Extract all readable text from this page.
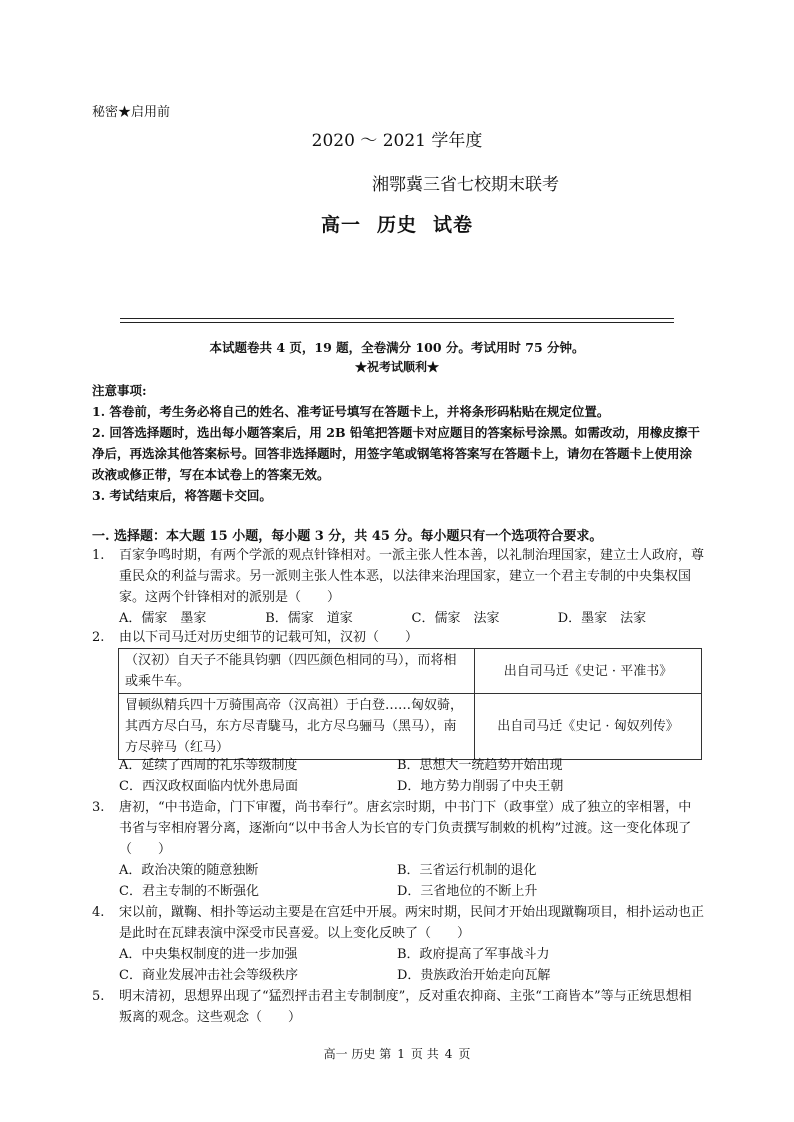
秘密★启用前
2020 ～ 2021 学年度
湘鄂冀三省七校期末联考
高一 历史 试卷
本试题卷共 4 页，19 题，全卷满分 100 分。考试用时 75 分钟。
★祝考试顺利★
注意事项:
1. 答卷前，考生务必将自己的姓名、准考证号填写在答题卡上，并将条形码粘贴在规定位置。
2. 回答选择题时，选出每小题答案后，用 2B 铅笔把答题卡对应题目的答案标号涂黑。如需改动，用橡皮擦干净后，再选涂其他答案标号。回答非选择题时，用签字笔或钢笔将答案写在答题卡上，请勿在答题卡上使用涂改液或修正带，写在本试卷上的答案无效。
3. 考试结束后，将答题卡交回。
一. 选择题：本大题 15 小题，每小题 3 分，共 45 分。每小题只有一个选项符合要求。
1. 百家争鸣时期，有两个学派的观点针锋相对。一派主张人性本善，以礼制治理国家，建立士人政府，尊重民众的利益与需求。另一派则主张人性本恶，以法律来治理国家，建立一个君主专制的中央集权国家。这两个针锋相对的派别是（　　）
A．儒家　墨家	B．儒家　道家	C．儒家　法家	D．墨家　法家
2. 由以下司马迁对历史细节的记载可知，汉初（　　）
（汉初）自天子不能具钧驷（四匹颜色相同的马），而将相或乘牛车。	出自司马迁《史记 · 平准书》
冒顿纵精兵四十万骑围高帝（汉高祖）于白登……匈奴骑，其西方尽白马，东方尽青駹马，北方尽乌骊马（黑马），南方尽骍马（红马）	出自司马迁《史记 · 匈奴列传》
A．延续了西周的礼乐等级制度	B．思想大一统趋势开始出现
C．西汉政权面临内忧外患局面	D．地方势力削弱了中央王朝
3. 唐初，“中书造命，门下审覆，尚书奉行”。唐玄宗时期，中书门下（政事堂）成了独立的宰相署，中书省与宰相府署分离，逐渐向“以中书舍人为长官的专门负责撰写制敕的机构”过渡。这一变化体现了（　　）
A．政治决策的随意独断	B．三省运行机制的退化
C．君主专制的不断强化	D．三省地位的不断上升
4. 宋以前，蹴鞠、相扑等运动主要是在宫廷中开展。两宋时期，民间才开始出现蹴鞠项目，相扑运动也正是此时在瓦肆表演中深受市民喜爱。以上变化反映了（　　）
A．中央集权制度的进一步加强	B．政府提高了军事战斗力
C．商业发展冲击社会等级秩序	D．贵族政治开始走向瓦解
5. 明末清初，思想界出现了“猛烈抨击君主专制制度”，反对重农抑商、主张“工商皆本”等与正统思想相叛离的观念。这些观念（　　）
高一 历史 第 1 页 共 4 页
